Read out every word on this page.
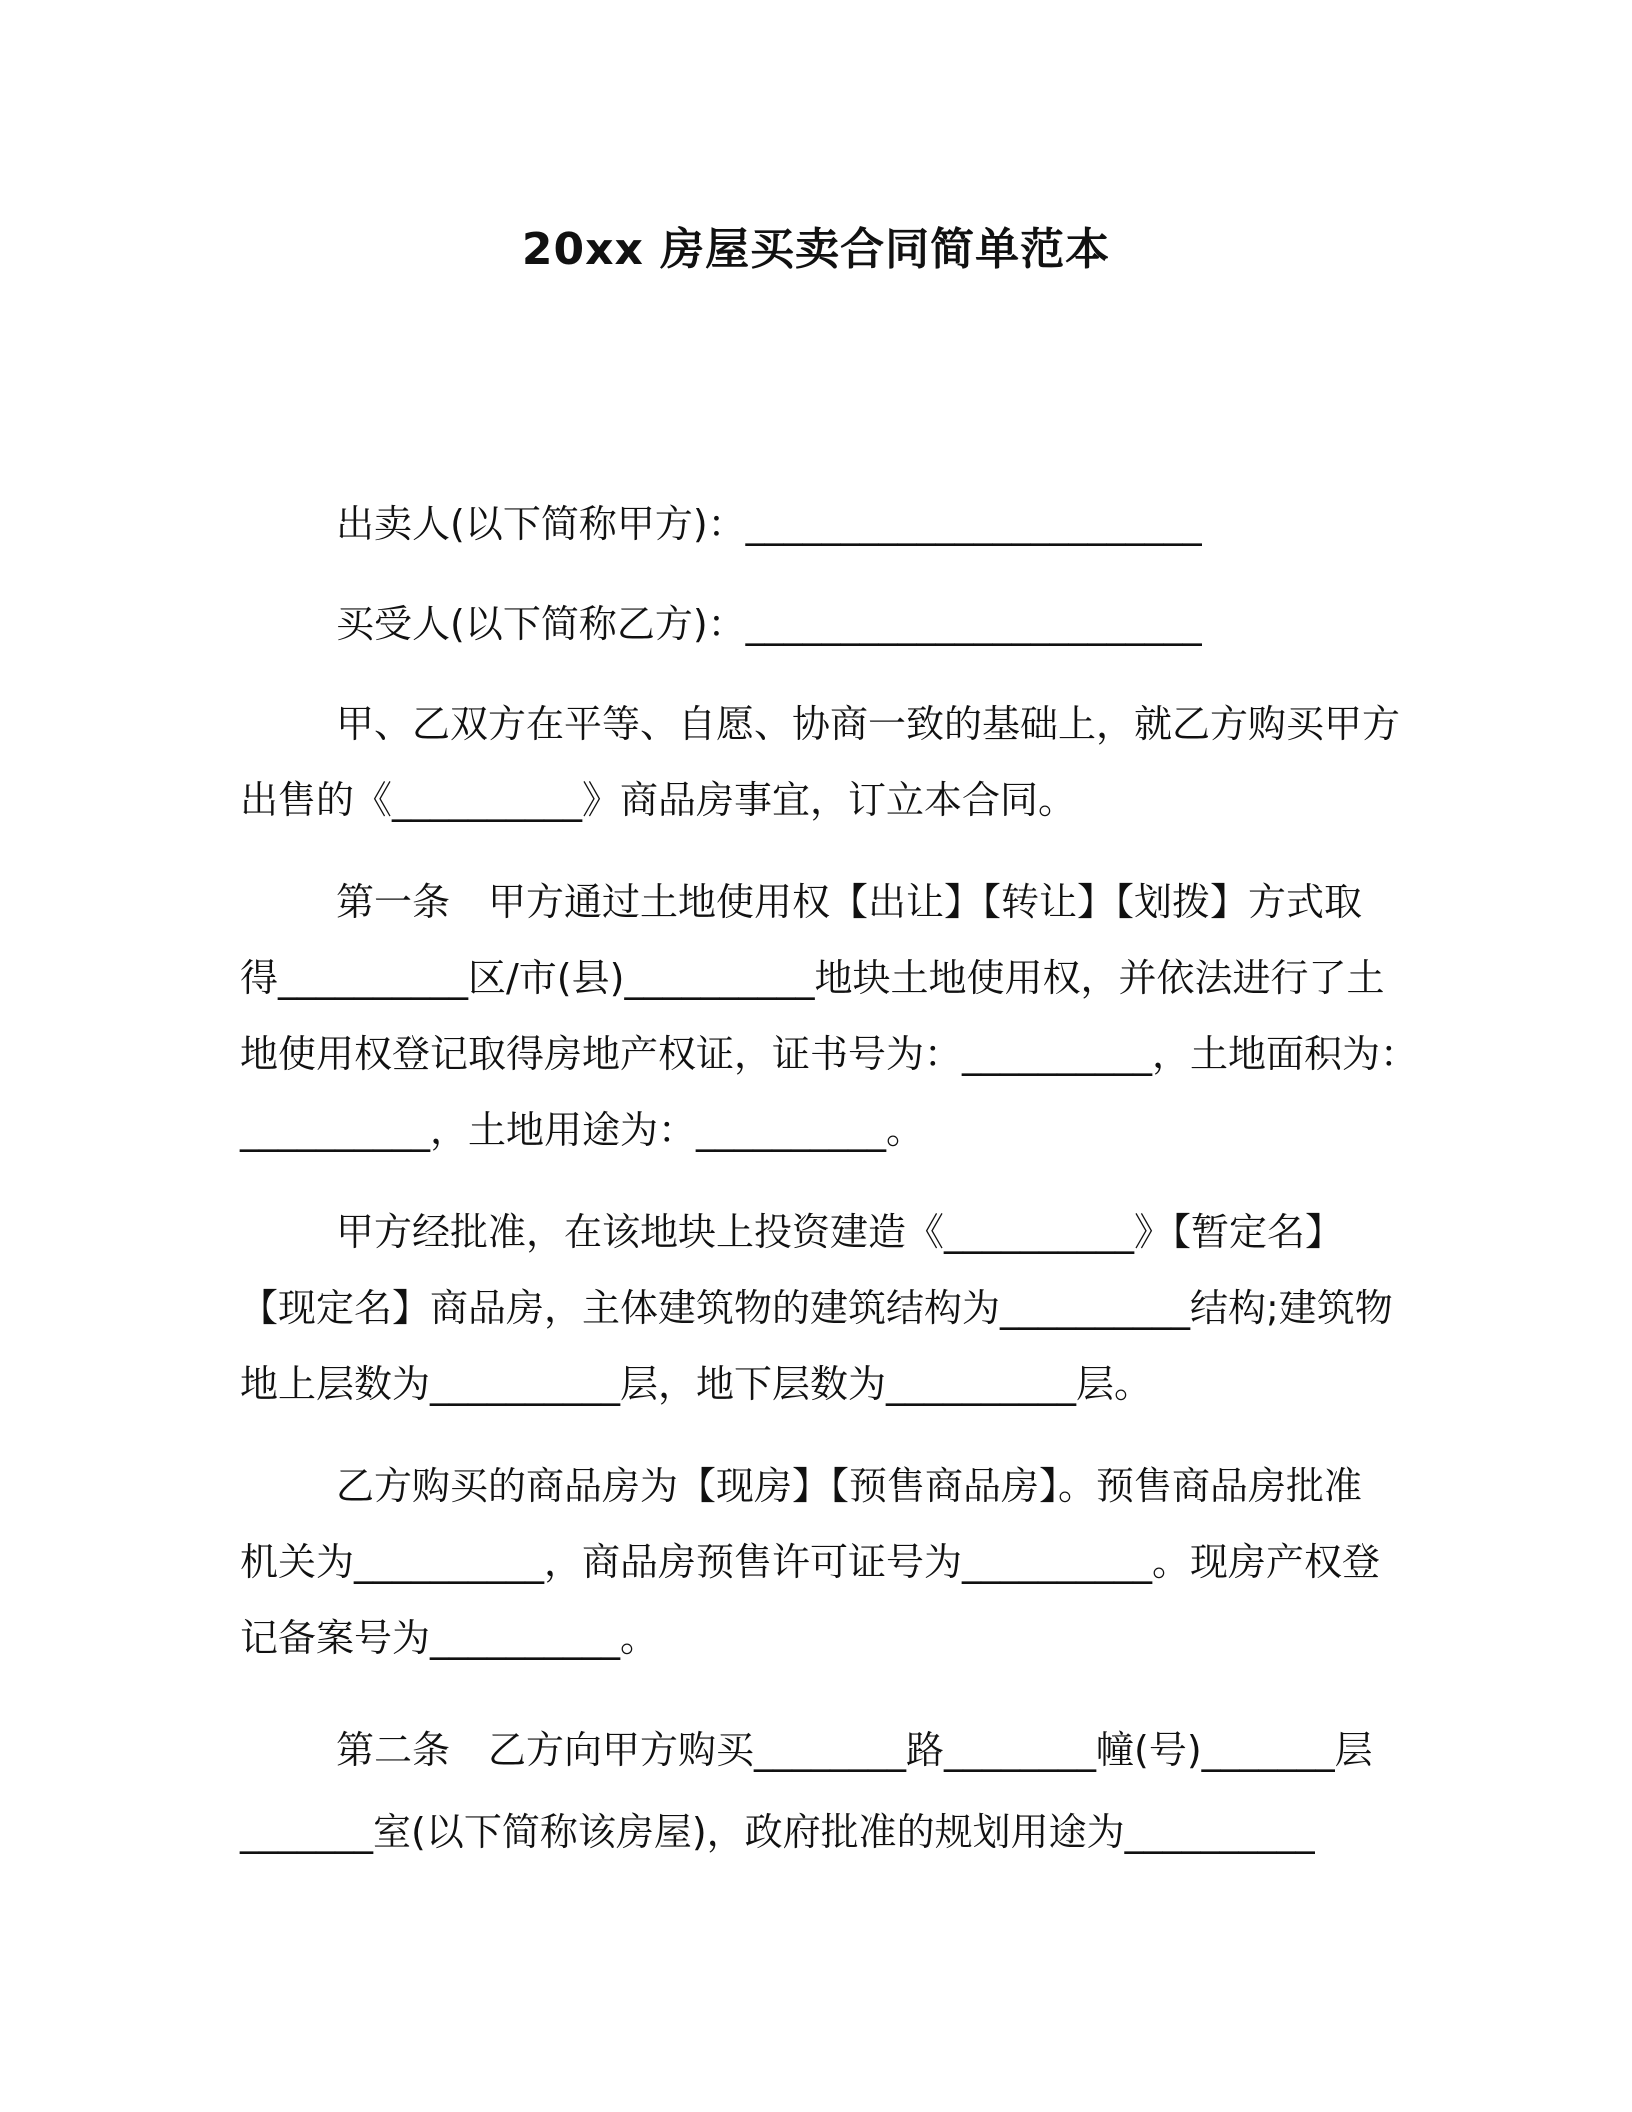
20xx 房屋买卖合同简单范本

出卖人(以下简称甲方)：________________________

买受人(以下简称乙方)：________________________

甲、乙双方在平等、自愿、协商一致的基础上，就乙方购买甲方

出售的《__________》商品房事宜，订立本合同。

第一条　甲方通过土地使用权【出让】【转让】【划拨】方式取

得__________区/市(县)__________地块土地使用权，并依法进行了土

地使用权登记取得房地产权证，证书号为：__________，土地面积为：

__________，土地用途为：__________。

甲方经批准，在该地块上投资建造《__________》【暂定名】

【现定名】商品房，主体建筑物的建筑结构为__________结构;建筑物

地上层数为__________层，地下层数为__________层。

乙方购买的商品房为【现房】【预售商品房】。预售商品房批准

机关为__________，商品房预售许可证号为__________。现房产权登

记备案号为__________。

第二条　乙方向甲方购买________路________幢(号)_______层

_______室(以下简称该房屋)，政府批准的规划用途为__________
